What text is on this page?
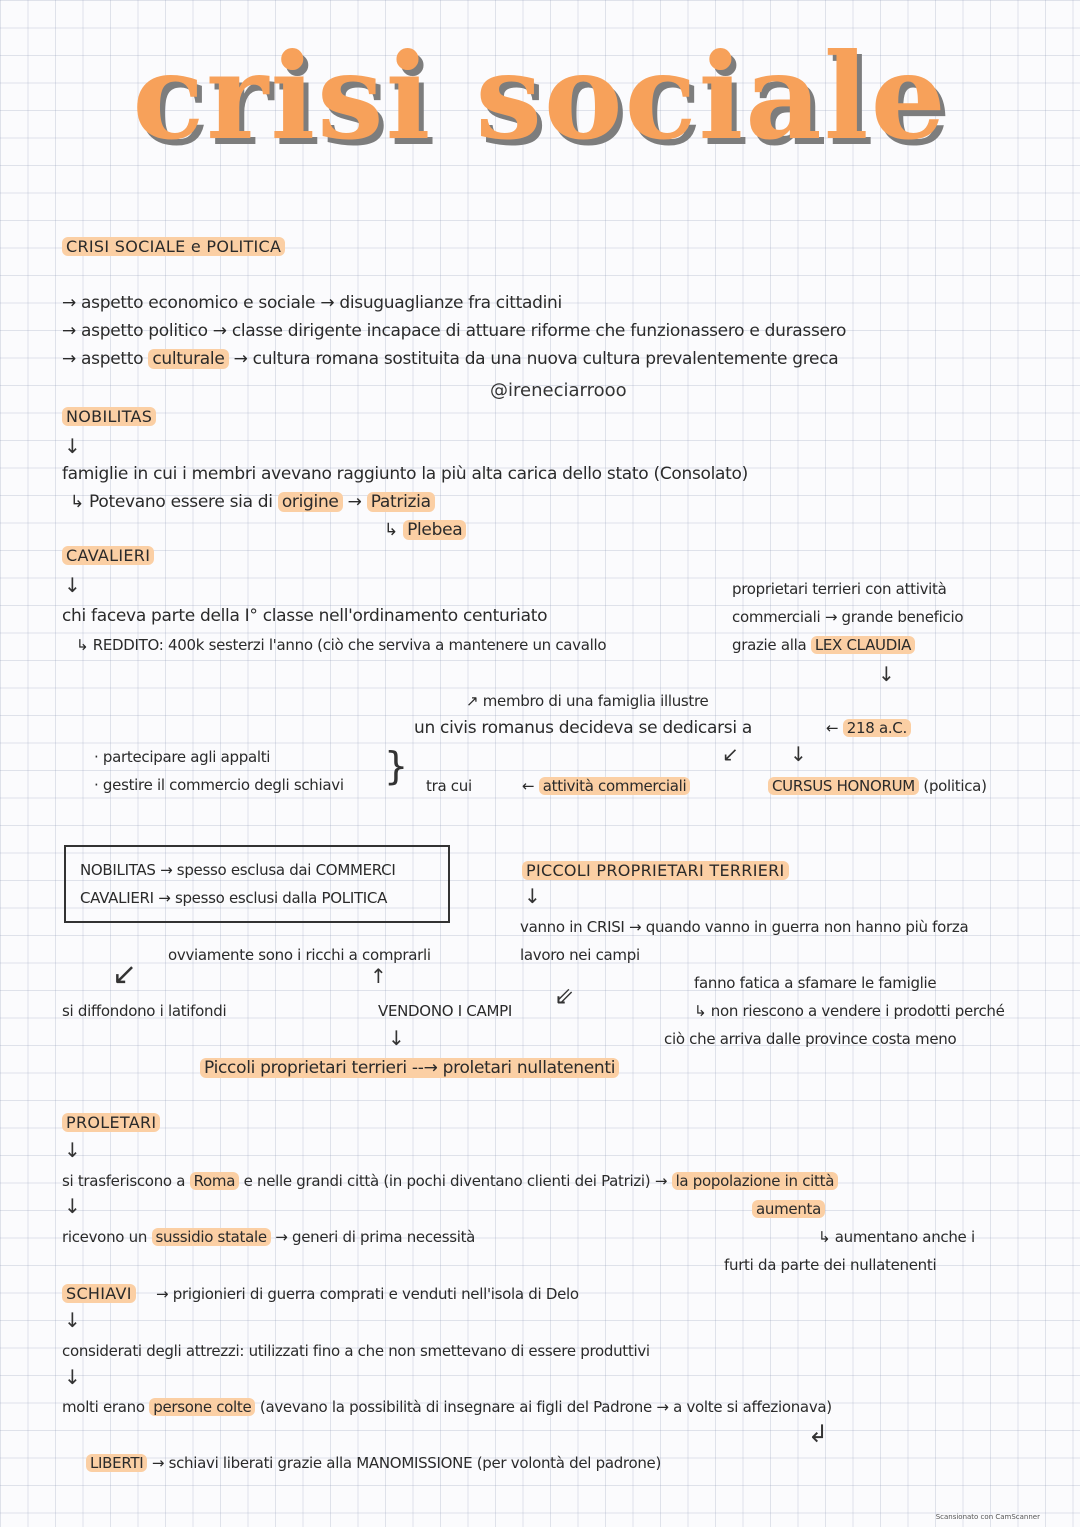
crisi sociale
CRISI SOCIALE e POLITICA
→ aspetto economico e sociale → disuguaglianze fra cittadini
→ aspetto politico → classe dirigente incapace di attuare riforme che funzionassero e durassero
→ aspetto culturale → cultura romana sostituita da una nuova cultura prevalentemente greca
@ireneciarrooo
NOBILITAS
↓
famiglie in cui i membri avevano raggiunto la più alta carica dello stato (Consolato)
↳ Potevano essere sia di origine → Patrizia
↳ Plebea
CAVALIERI
↓
chi faceva parte della I° classe nell'ordinamento centuriato
↳ REDDITO: 400k sesterzi l'anno (ciò che serviva a mantenere un cavallo
proprietari terrieri con attività
commerciali → grande beneficio
grazie alla LEX CLAUDIA
↓
↗ membro di una famiglia illustre
un civis romanus decideva se dedicarsi a	← 218 a.C.
↙	↓
· partecipare agli appalti
· gestire il commercio degli schiavi } tra cui	← attività commerciali	CURSUS HONORUM (politica)
NOBILITAS → spesso esclusa dai COMMERCI
CAVALIERI → spesso esclusi dalla POLITICA
PICCOLI PROPRIETARI TERRIERI
↓
vanno in CRISI → quando vanno in guerra non hanno più forza
lavoro nei campi
fanno fatica a sfamare le famiglie
↳ non riescono a vendere i prodotti perché
ciò che arriva dalle province costa meno
ovviamente sono i ricchi a comprarli
↙	↑
si diffondono i latifondi	VENDONO I CAMPI
⇙
↓
Piccoli proprietari terrieri --→ proletari nullatenenti
PROLETARI
↓
si trasferiscono a Roma e nelle grandi città (in pochi diventano clienti dei Patrizi) → la popolazione in città
aumenta
↓
ricevono un sussidio statale → generi di prima necessità	↳ aumentano anche i
furti da parte dei nullatenenti
SCHIAVI → prigionieri di guerra comprati e venduti nell'isola di Delo
↓
considerati degli attrezzi: utilizzati fino a che non smettevano di essere produttivi
↓
molti erano persone colte (avevano la possibilità di insegnare ai figli del Padrone → a volte si affezionava)
↲
LIBERTI → schiavi liberati grazie alla MANOMISSIONE (per volontà del padrone)
Scansionato con CamScanner
